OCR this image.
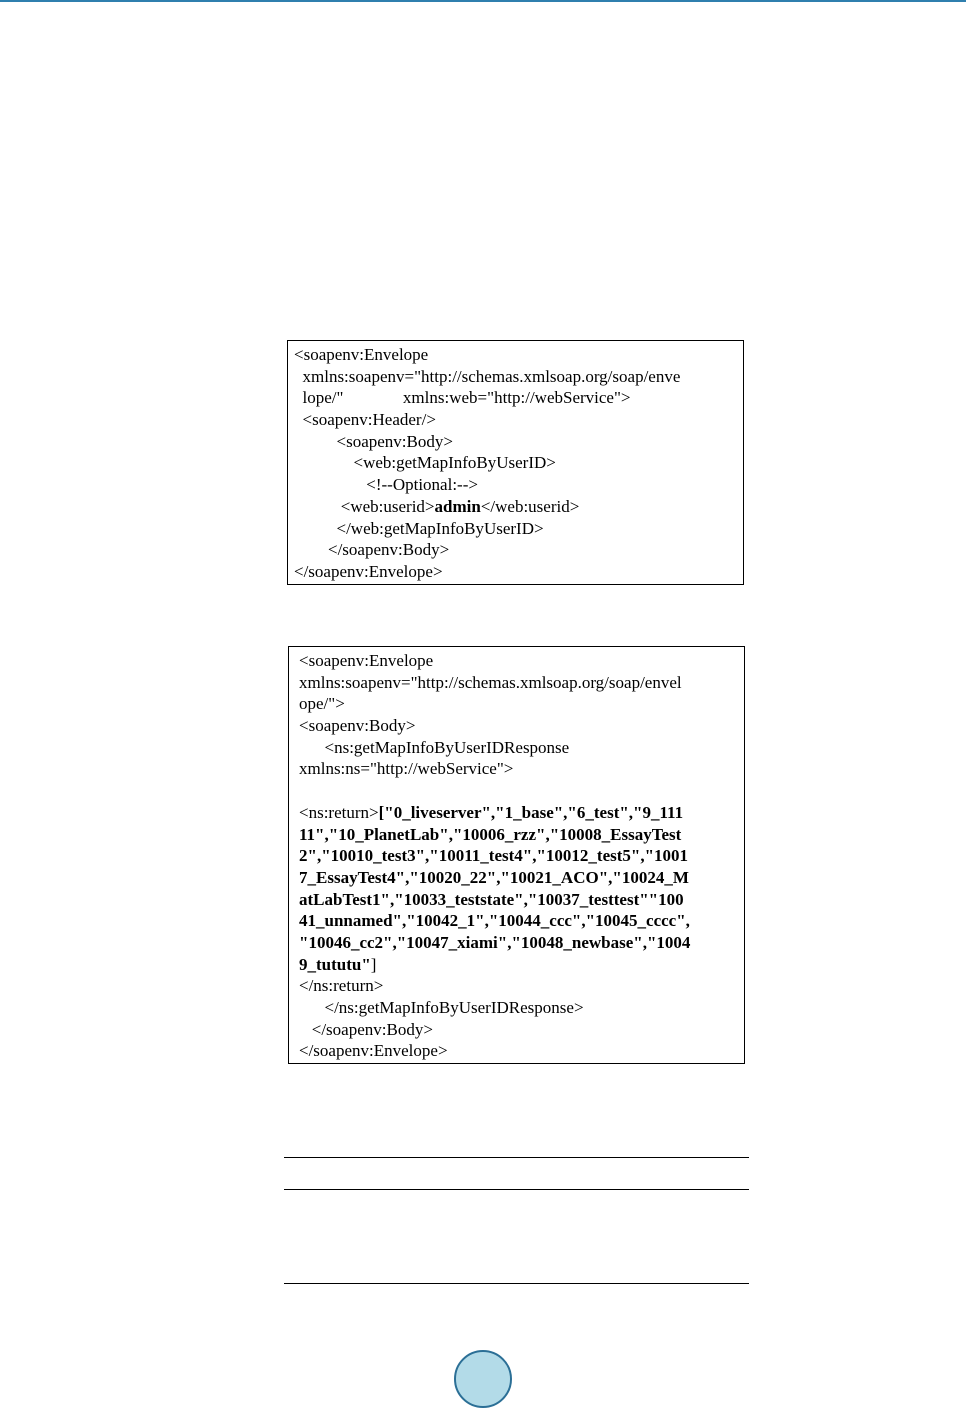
<soapenv:Envelope
xmlns:soapenv="http://schemas.xmlsoap.org/soap/enve
lope/"              xmlns:web="http://webService">
<soapenv:Header/>
<soapenv:Body>
<web:getMapInfoByUserID>
<!--Optional:-->
<web:userid>admin</web:userid>
</web:getMapInfoByUserID>
</soapenv:Body>
</soapenv:Envelope>
<soapenv:Envelope
xmlns:soapenv="http://schemas.xmlsoap.org/soap/envel
ope/">
<soapenv:Body>
<ns:getMapInfoByUserIDResponse
xmlns:ns="http://webService">
<ns:return>["0_liveserver","1_base","6_test","9_111
11","10_PlanetLab","10006_rzz","10008_EssayTest
2","10010_test3","10011_test4","10012_test5","1001
7_EssayTest4","10020_22","10021_ACO","10024_M
atLabTest1","10033_teststate","10037_testtest""100
41_unnamed","10042_1","10044_ccc","10045_cccc",
"10046_cc2","10047_xiami","10048_newbase","1004
9_tututu"]
</ns:return>
</ns:getMapInfoByUserIDResponse>
</soapenv:Body>
</soapenv:Envelope>
